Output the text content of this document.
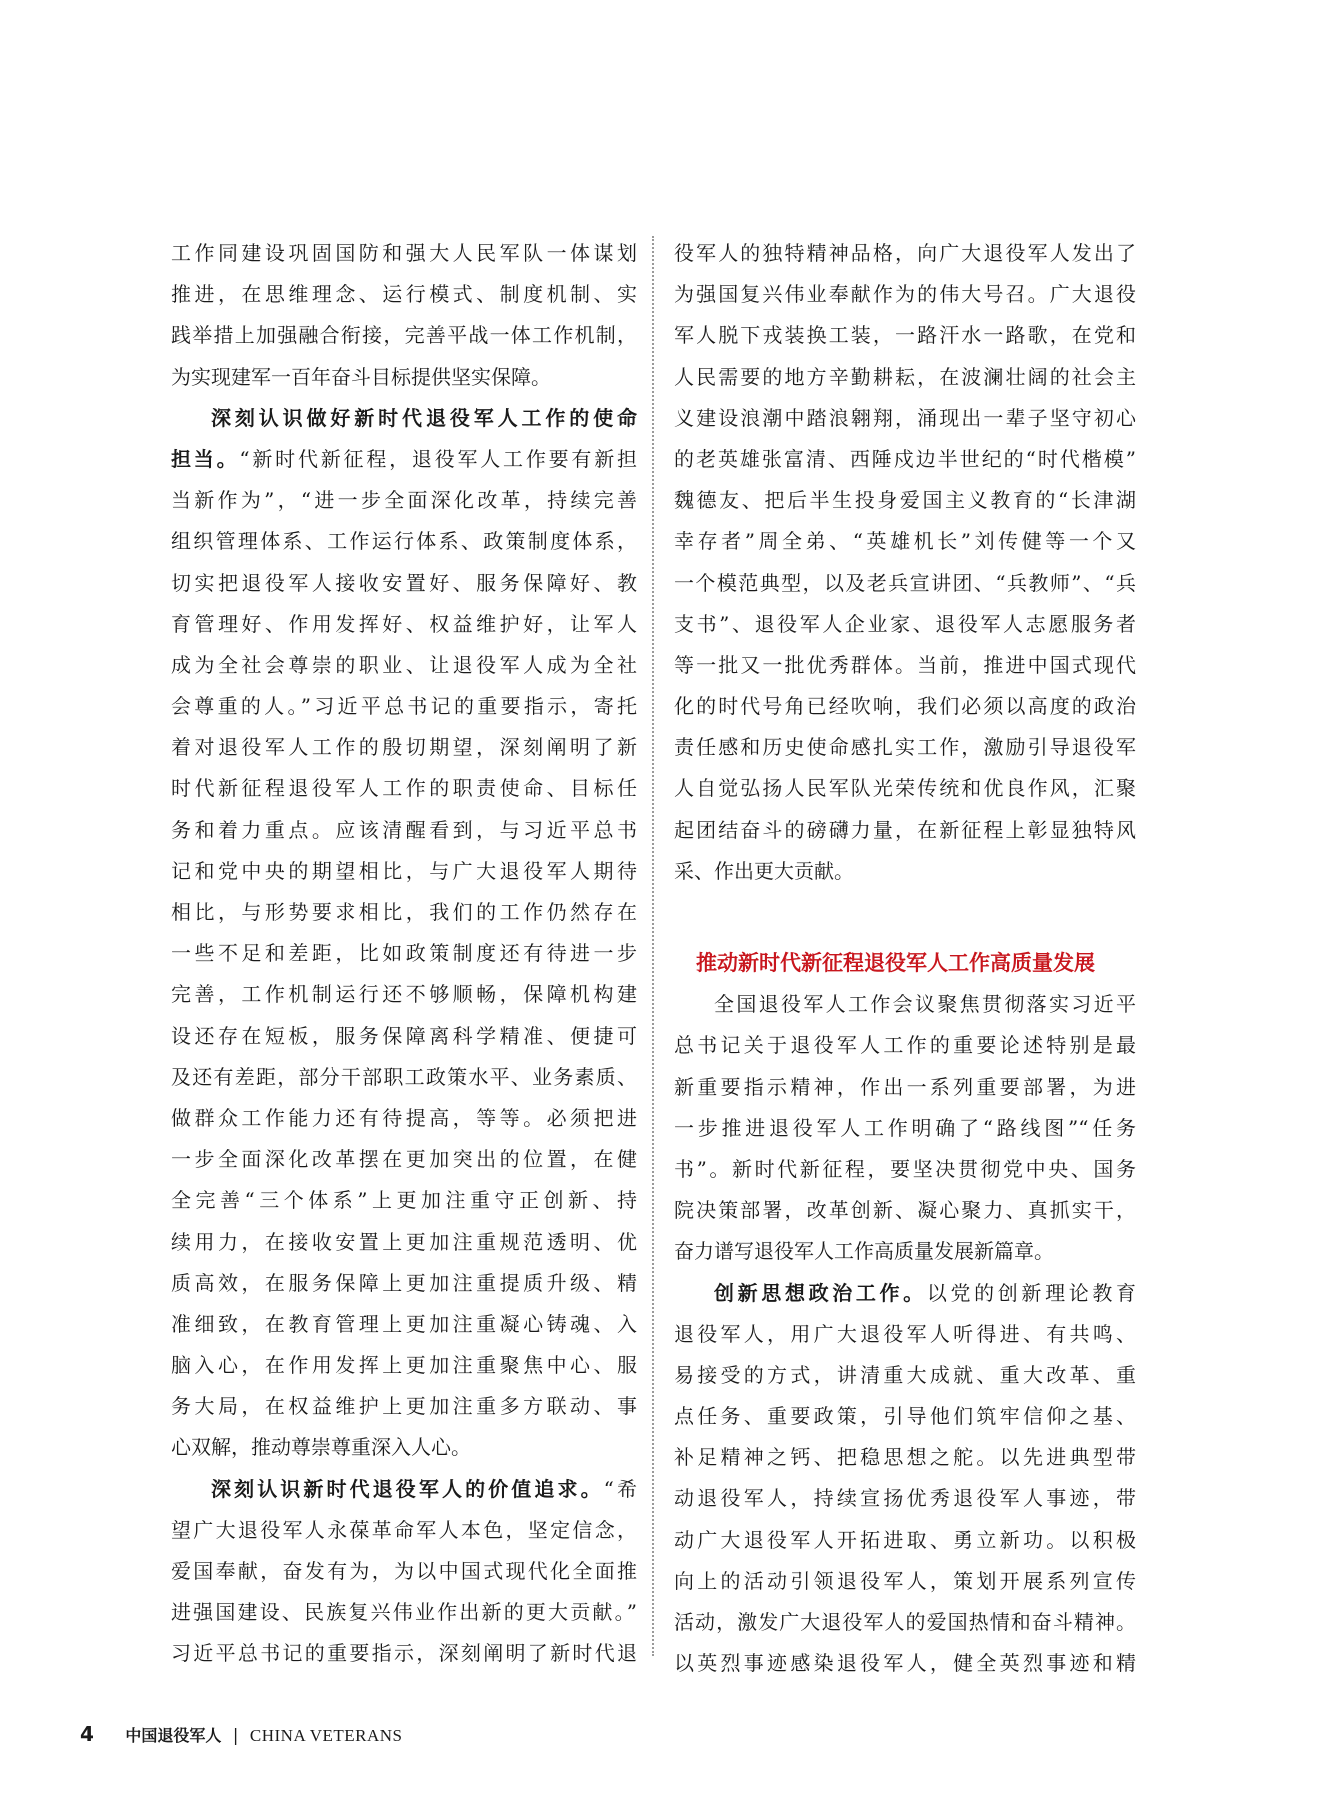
工作同建设巩固国防和强大人民军队一体谋划
推进，在思维理念、运行模式、制度机制、实
践举措上加强融合衔接，完善平战一体工作机制，
为实现建军一百年奋斗目标提供坚实保障。
深刻认识做好新时代退役军人工作的使命
担当。“新时代新征程，退役军人工作要有新担
当新作为”，“进一步全面深化改革，持续完善
组织管理体系、工作运行体系、政策制度体系，
切实把退役军人接收安置好、服务保障好、教
育管理好、作用发挥好、权益维护好，让军人
成为全社会尊崇的职业、让退役军人成为全社
会尊重的人。”习近平总书记的重要指示，寄托
着对退役军人工作的殷切期望，深刻阐明了新
时代新征程退役军人工作的职责使命、目标任
务和着力重点。应该清醒看到，与习近平总书
记和党中央的期望相比，与广大退役军人期待
相比，与形势要求相比，我们的工作仍然存在
一些不足和差距，比如政策制度还有待进一步
完善，工作机制运行还不够顺畅，保障机构建
设还存在短板，服务保障离科学精准、便捷可
及还有差距，部分干部职工政策水平、业务素质、
做群众工作能力还有待提高，等等。必须把进
一步全面深化改革摆在更加突出的位置，在健
全完善“三个体系”上更加注重守正创新、持
续用力，在接收安置上更加注重规范透明、优
质高效，在服务保障上更加注重提质升级、精
准细致，在教育管理上更加注重凝心铸魂、入
脑入心，在作用发挥上更加注重聚焦中心、服
务大局，在权益维护上更加注重多方联动、事
心双解，推动尊崇尊重深入人心。
深刻认识新时代退役军人的价值追求。“希
望广大退役军人永葆革命军人本色，坚定信念，
爱国奉献，奋发有为，为以中国式现代化全面推
进强国建设、民族复兴伟业作出新的更大贡献。”
习近平总书记的重要指示，深刻阐明了新时代退
役军人的独特精神品格，向广大退役军人发出了
为强国复兴伟业奉献作为的伟大号召。广大退役
军人脱下戎装换工装，一路汗水一路歌，在党和
人民需要的地方辛勤耕耘，在波澜壮阔的社会主
义建设浪潮中踏浪翱翔，涌现出一辈子坚守初心
的老英雄张富清、西陲戍边半世纪的“时代楷模”
魏德友、把后半生投身爱国主义教育的“长津湖
幸存者”周全弟、“英雄机长”刘传健等一个又
一个模范典型，以及老兵宣讲团、“兵教师”、“兵
支书”、退役军人企业家、退役军人志愿服务者
等一批又一批优秀群体。当前，推进中国式现代
化的时代号角已经吹响，我们必须以高度的政治
责任感和历史使命感扎实工作，激励引导退役军
人自觉弘扬人民军队光荣传统和优良作风，汇聚
起团结奋斗的磅礴力量，在新征程上彰显独特风
采、作出更大贡献。
推动新时代新征程退役军人工作高质量发展
全国退役军人工作会议聚焦贯彻落实习近平
总书记关于退役军人工作的重要论述特别是最
新重要指示精神，作出一系列重要部署，为进
一步推进退役军人工作明确了“路线图”“任务
书”。新时代新征程，要坚决贯彻党中央、国务
院决策部署，改革创新、凝心聚力、真抓实干，
奋力谱写退役军人工作高质量发展新篇章。
创新思想政治工作。以党的创新理论教育
退役军人，用广大退役军人听得进、有共鸣、
易接受的方式，讲清重大成就、重大改革、重
点任务、重要政策，引导他们筑牢信仰之基、
补足精神之钙、把稳思想之舵。以先进典型带
动退役军人，持续宣扬优秀退役军人事迹，带
动广大退役军人开拓进取、勇立新功。以积极
向上的活动引领退役军人，策划开展系列宣传
活动，激发广大退役军人的爱国热情和奋斗精神。
以英烈事迹感染退役军人，健全英烈事迹和精
4 中国退役军人 | CHINA VETERANS
